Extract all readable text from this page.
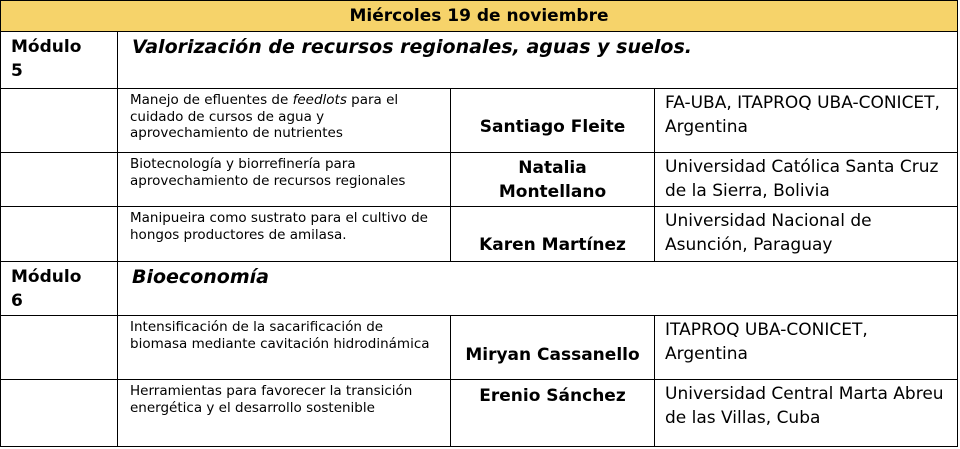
Miércoles 19 de noviembre
Módulo
5
Valorización de recursos regionales, aguas y suelos.
Manejo de efluentes de feedlots para el cuidado de cursos de agua y aprovechamiento de nutrientes	Santiago Fleite
FA-UBA, ITAPROQ UBA-CONICET, Argentina
Biotecnología y biorrefinería para aprovechamiento de recursos regionales
Natalia
Montellano
Universidad Católica Santa Cruz de la Sierra, Bolivia
Manipueira como sustrato para el cultivo de hongos productores de amilasa.
Karen Martínez
Universidad Nacional de Asunción, Paraguay
Módulo
6
Bioeconomía
Intensificación de la sacarificación de biomasa mediante cavitación hidrodinámica
Miryan Cassanello
ITAPROQ UBA-CONICET, Argentina
Herramientas para favorecer la transición energética y el desarrollo sostenible
Erenio Sánchez	Universidad Central Marta Abreu de las Villas, Cuba
